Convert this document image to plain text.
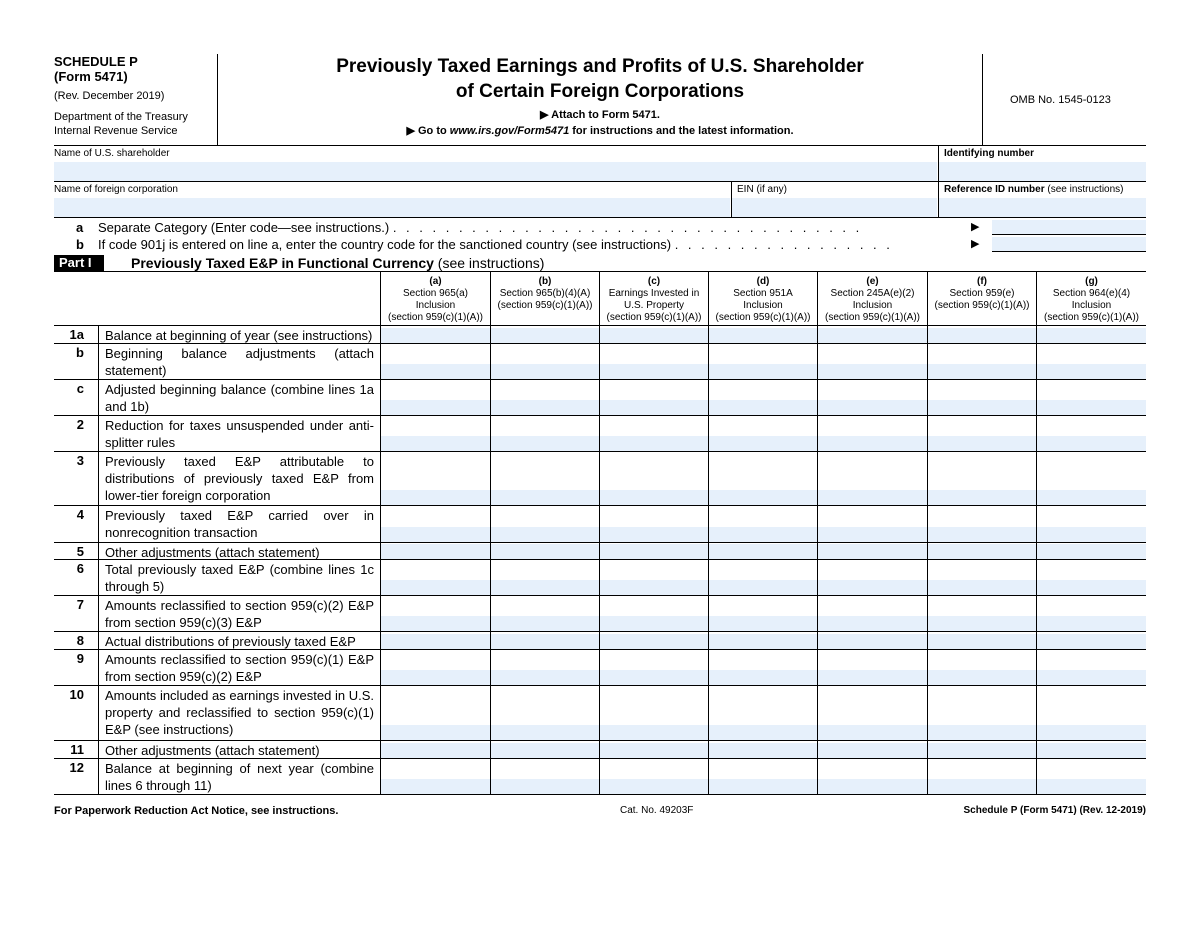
SCHEDULE P
(Form 5471)
(Rev. December 2019)
Department of the Treasury
Internal Revenue Service
Previously Taxed Earnings and Profits of U.S. Shareholder
of Certain Foreign Corporations
▶ Attach to Form 5471.
▶ Go to www.irs.gov/Form5471 for instructions and the latest information.
OMB No. 1545-0123
Name of U.S. shareholder	Identifying number
Name of foreign corporation	EIN (if any)	Reference ID number (see instructions)
a Separate Category (Enter code—see instructions.) . . . . . . . . . . . . . . . . . . . . . . . . . . . . . . . . . . . .	▶
b If code 901j is entered on line a, enter the country code for the sanctioned country (see instructions) . . . . . . . . . . . . . . . . .	▶
Part I	Previously Taxed E&P in Functional Currency (see instructions)
(a)
Section 965(a)
Inclusion
(section 959(c)(1)(A))
(b)
Section 965(b)(4)(A)
(section 959(c)(1)(A))
(c)
Earnings Invested in
U.S. Property
(section 959(c)(1)(A))
(d)
Section 951A
Inclusion
(section 959(c)(1)(A))
(e)
Section 245A(e)(2)
Inclusion
(section 959(c)(1)(A))
(f)
Section 959(e)
(section 959(c)(1)(A))
(g)
Section 964(e)(4)
Inclusion
(section 959(c)(1)(A))
1a	Balance at beginning of year (see instructions)
b	Beginning balance adjustments (attach statement)
c	Adjusted beginning balance (combine lines 1a and 1b)
2	Reduction for taxes unsuspended under anti-splitter rules
3	Previously taxed E&P attributable to distributions of previously taxed E&P from lower-tier foreign corporation
4	Previously taxed E&P carried over in nonrecognition transaction
5	Other adjustments (attach statement)
6	Total previously taxed E&P (combine lines 1c through 5)
7	Amounts reclassified to section 959(c)(2) E&P from section 959(c)(3) E&P
8	Actual distributions of previously taxed E&P
9	Amounts reclassified to section 959(c)(1) E&P from section 959(c)(2) E&P
10	Amounts included as earnings invested in U.S. property and reclassified to section 959(c)(1) E&P (see instructions)
11	Other adjustments (attach statement)
12	Balance at beginning of next year (combine lines 6 through 11)
For Paperwork Reduction Act Notice, see instructions.	Cat. No. 49203F	Schedule P (Form 5471) (Rev. 12-2019)
